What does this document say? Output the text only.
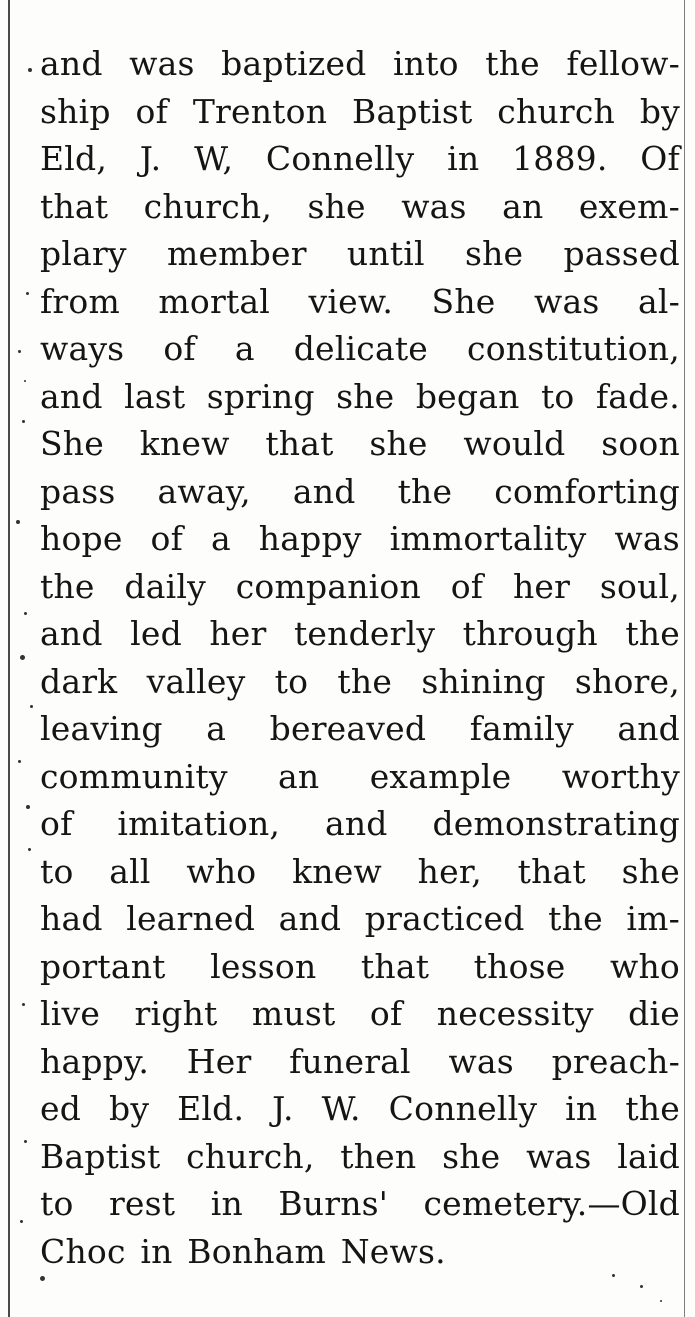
and was baptized into the fellow-
ship of Trenton Baptist church by
Eld, J. W, Connelly in 1889. Of
that church, she was an exem-
plary member until she passed
from mortal view. She was al-
ways of a delicate constitution,
and last spring she began to fade.
She knew that she would soon
pass away, and the comforting
hope of a happy immortality was
the daily companion of her soul,
and led her tenderly through the
dark valley to the shining shore,
leaving a bereaved family and
community an example worthy
of imitation, and demonstrating
to all who knew her, that she
had learned and practiced the im-
portant lesson that those who
live right must of necessity die
happy. Her funeral was preach-
ed by Eld. J. W. Connelly in the
Baptist church, then she was laid
to rest in Burns' cemetery.—Old
Choc in Bonham News.
